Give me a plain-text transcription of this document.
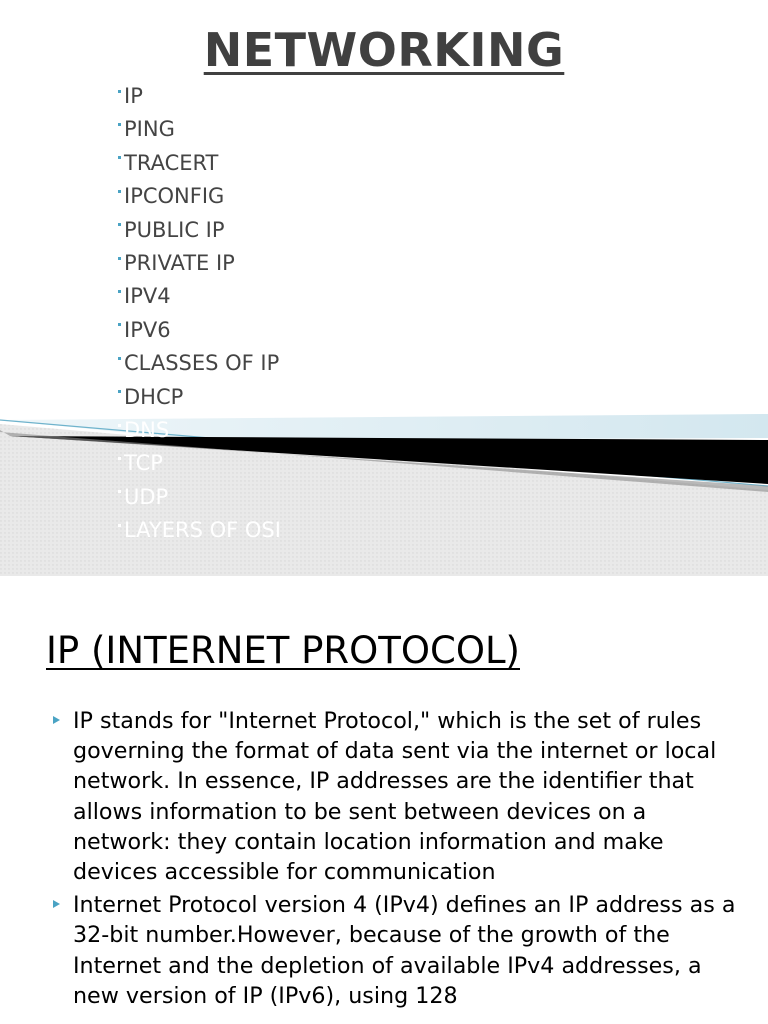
NETWORKING
IP
PING
TRACERT
IPCONFIG
PUBLIC IP
PRIVATE IP
IPV4
IPV6
CLASSES OF IP
DHCP
DNS
TCP
UDP
LAYERS OF OSI
IP (INTERNET PROTOCOL)
IP stands for "Internet Protocol," which is the set of rules governing the format of data sent via the internet or local network. In essence, IP addresses are the identifier that allows information to be sent between devices on a network: they contain location information and make devices accessible for communication
Internet Protocol version 4 (IPv4) defines an IP address as a 32-bit number.However, because of the growth of the Internet and the depletion of available IPv4 addresses, a new version of IP (IPv6), using 128
